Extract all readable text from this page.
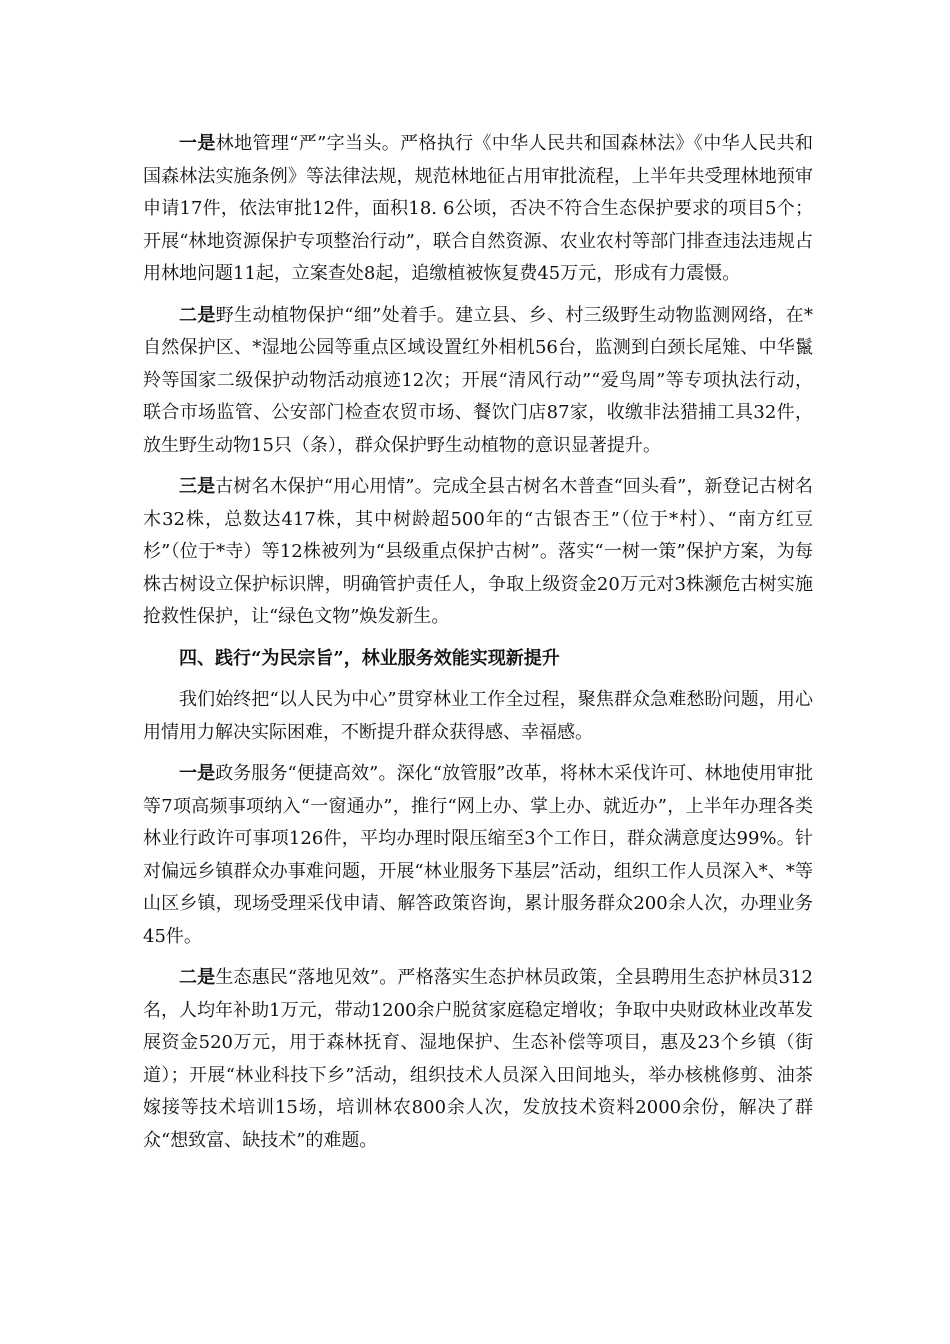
一是林地管理“严”字当头。严格执行《中华人民共和国森林法》《中华人民共和国森林法实施条例》等法律法规，规范林地征占用审批流程，上半年共受理林地预审申请17件，依法审批12件，面积18. 6公顷，否决不符合生态保护要求的项目5个；开展“林地资源保护专项整治行动”，联合自然资源、农业农村等部门排查违法违规占用林地问题11起，立案查处8起，追缴植被恢复费45万元，形成有力震慑。

二是野生动植物保护“细”处着手。建立县、乡、村三级野生动物监测网络，在*自然保护区、*湿地公园等重点区域设置红外相机56台，监测到白颈长尾雉、中华鬣羚等国家二级保护动物活动痕迹12次；开展“清风行动”“爱鸟周”等专项执法行动，联合市场监管、公安部门检查农贸市场、餐饮门店87家，收缴非法猎捕工具32件，放生野生动物15只（条），群众保护野生动植物的意识显著提升。

三是古树名木保护“用心用情”。完成全县古树名木普查“回头看”，新登记古树名木32株，总数达417株，其中树龄超500年的“古银杏王”（位于*村）、“南方红豆杉”（位于*寺）等12株被列为“县级重点保护古树”。落实“一树一策”保护方案，为每株古树设立保护标识牌，明确管护责任人，争取上级资金20万元对3株濒危古树实施抢救性保护，让“绿色文物”焕发新生。

四、践行“为民宗旨”，林业服务效能实现新提升

我们始终把“以人民为中心”贯穿林业工作全过程，聚焦群众急难愁盼问题，用心用情用力解决实际困难，不断提升群众获得感、幸福感。

一是政务服务“便捷高效”。深化“放管服”改革，将林木采伐许可、林地使用审批等7项高频事项纳入“一窗通办”，推行“网上办、掌上办、就近办”，上半年办理各类林业行政许可事项126件，平均办理时限压缩至3个工作日，群众满意度达99%。针对偏远乡镇群众办事难问题，开展“林业服务下基层”活动，组织工作人员深入*、*等山区乡镇，现场受理采伐申请、解答政策咨询，累计服务群众200余人次，办理业务45件。

二是生态惠民“落地见效”。严格落实生态护林员政策，全县聘用生态护林员312名，人均年补助1万元，带动1200余户脱贫家庭稳定增收；争取中央财政林业改革发展资金520万元，用于森林抚育、湿地保护、生态补偿等项目，惠及23个乡镇（街道）；开展“林业科技下乡”活动，组织技术人员深入田间地头，举办核桃修剪、油茶嫁接等技术培训15场，培训林农800余人次，发放技术资料2000余份，解决了群众“想致富、缺技术”的难题。
